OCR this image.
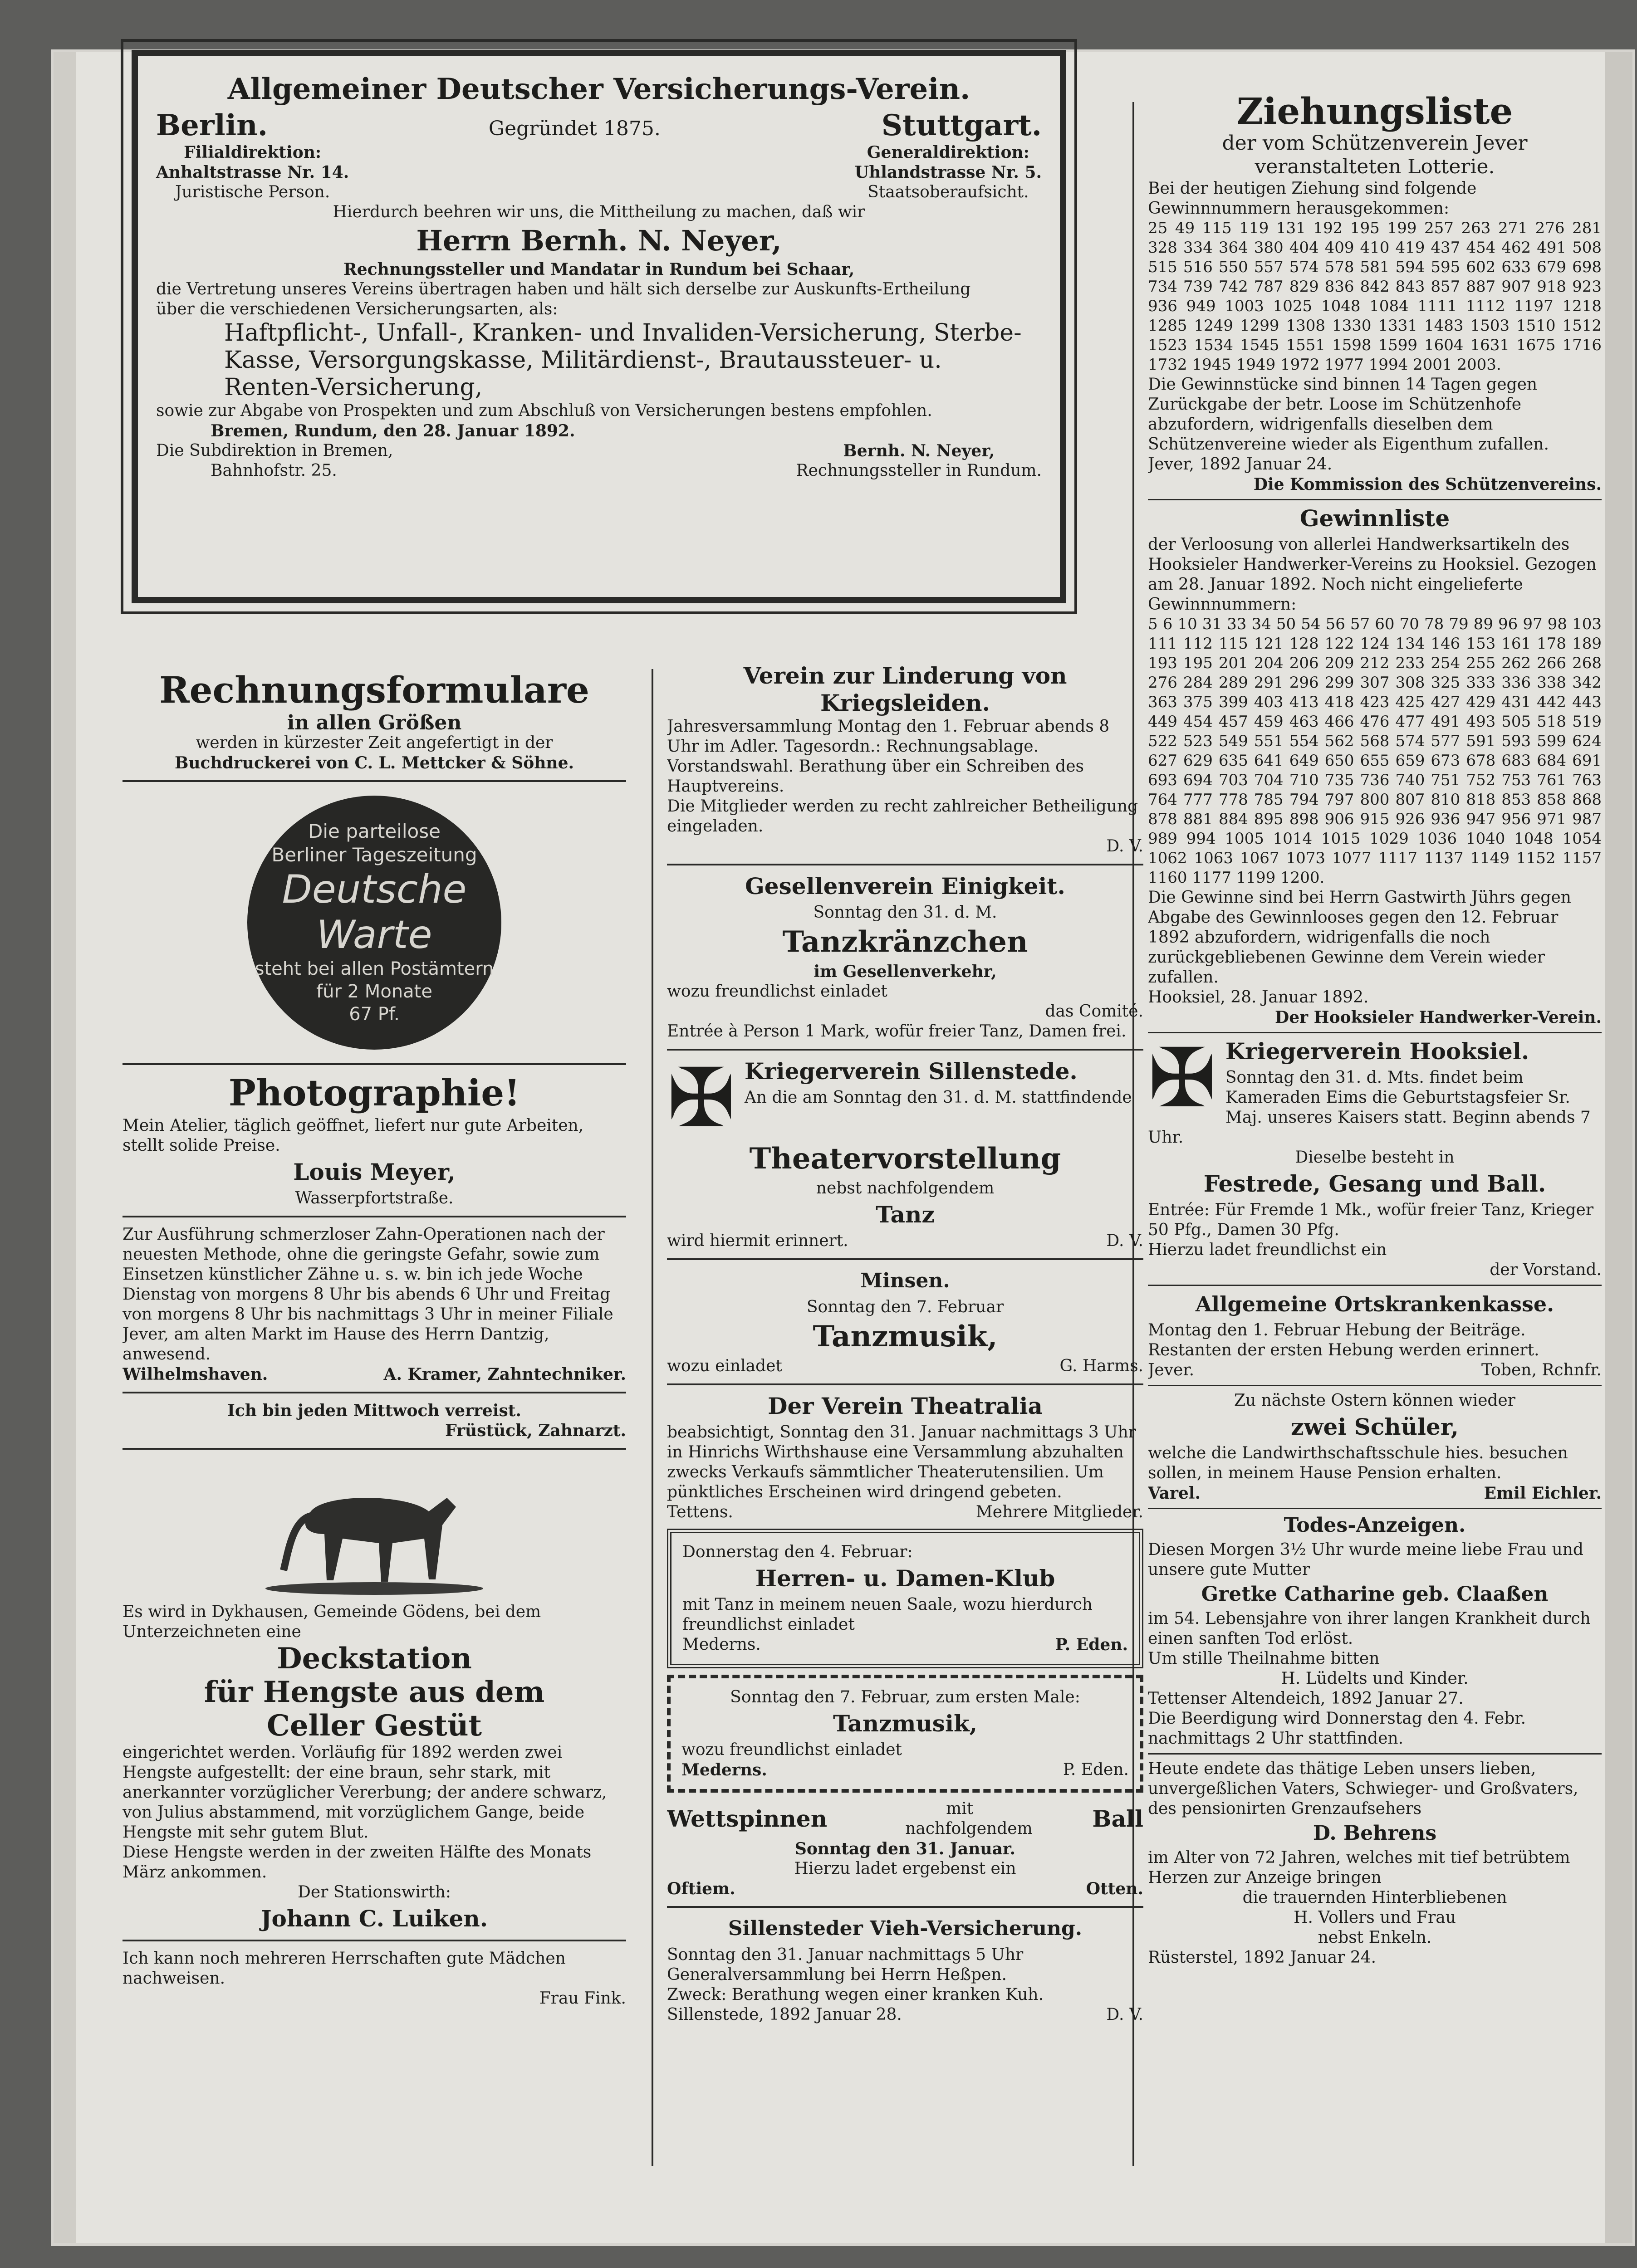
Allgemeiner Deutscher Versicherungs-Verein.

Berlin.	Gegründet 1875.	Stuttgart.

Filialdirektion:

Anhaltstrasse Nr. 14.

Juristische Person.

Generaldirektion:

Uhlandstrasse Nr. 5.

Staatsoberaufsicht.

Hierdurch beehren wir uns, die Mittheilung zu machen, daß wir

Herrn Bernh. N. Neyer,

Rechnungssteller und Mandatar in Rundum bei Schaar,

die Vertretung unseres Vereins übertragen haben und hält sich derselbe zur Auskunfts-Ertheilung

über die verschiedenen Versicherungsarten, als:

Haftpflicht-, Unfall-, Kranken- und Invaliden-Versicherung, Sterbe-Kasse, Versorgungskasse, Militärdienst-, Brautaussteuer- u. Renten-Versicherung,

sowie zur Abgabe von Prospekten und zum Abschluß von Versicherungen bestens empfohlen.

Bremen, Rundum, den 28. Januar 1892.

Die Subdirektion in Bremen,

Bahnhofstr. 25.

Bernh. N. Neyer,

Rechnungssteller in Rundum.

Rechnungsformulare

in allen Größen

werden in kürzester Zeit angefertigt in der

Buchdruckerei von C. L. Mettcker & Söhne.

Die parteilose
Berliner Tageszeitung
Deutsche Warte
steht bei allen Postämtern
für 2 Monate
67 Pf.

Photographie!

Mein Atelier, täglich geöffnet, liefert nur gute Arbeiten, stellt solide Preise.

Louis Meyer,

Wasserpfortstraße.

Zur Ausführung schmerzloser Zahn-Operationen nach der neuesten Methode, ohne die geringste Gefahr, sowie zum Einsetzen künstlicher Zähne u. s. w. bin ich jede Woche Dienstag von morgens 8 Uhr bis abends 6 Uhr und Freitag von morgens 8 Uhr bis nachmittags 3 Uhr in meiner Filiale Jever, am alten Markt im Hause des Herrn Dantzig, anwesend.

Wilhelmshaven.	A. Kramer, Zahntechniker.

Ich bin jeden Mittwoch verreist.

Früstück, Zahnarzt.

Es wird in Dykhausen, Gemeinde Gödens, bei dem Unterzeichneten eine

Deckstation

für Hengste aus dem

Celler Gestüt

eingerichtet werden. Vorläufig für 1892 werden zwei Hengste aufgestellt: der eine braun, sehr stark, mit anerkannter vorzüglicher Vererbung; der andere schwarz, von Julius abstammend, mit vorzüglichem Gange, beide Hengste mit sehr gutem Blut.

Diese Hengste werden in der zweiten Hälfte des Monats März ankommen.

Der Stationswirth:

Johann C. Luiken.

Ich kann noch mehreren Herrschaften gute Mädchen nachweisen.

Frau Fink.

Verein zur Linderung von

Kriegsleiden.

Jahresversammlung Montag den 1. Februar abends 8 Uhr im Adler. Tagesordn.: Rechnungsablage. Vorstandswahl. Berathung über ein Schreiben des Hauptvereins.

Die Mitglieder werden zu recht zahlreicher Betheiligung eingeladen.

D. V.

Gesellenverein Einigkeit.

Sonntag den 31. d. M.

Tanzkränzchen

im Gesellenverkehr,

wozu freundlichst einladet

das Comité.

Entrée à Person 1 Mark, wofür freier Tanz, Damen frei.

✠ Kriegerverein Sillenstede.

An die am Sonntag den 31. d. M. stattfindende

Theatervorstellung

nebst nachfolgendem

Tanz

wird hiermit erinnert.	D. V.

Minsen.

Sonntag den 7. Februar

Tanzmusik,

wozu einladet	G. Harms.

Der Verein Theatralia

beabsichtigt, Sonntag den 31. Januar nachmittags 3 Uhr in Hinrichs Wirthshause eine Versammlung abzuhalten zwecks Verkaufs sämmtlicher Theaterutensilien. Um pünktliches Erscheinen wird dringend gebeten.

Tettens.	Mehrere Mitglieder.

Donnerstag den 4. Februar:

Herren- u. Damen-Klub

mit Tanz in meinem neuen Saale, wozu hierdurch freundlichst einladet

Mederns.	P. Eden.

Sonntag den 7. Februar, zum ersten Male:

Tanzmusik,

wozu freundlichst einladet

Mederns.	P. Eden.

Wettspinnen	mit nachfolgendem	Ball

Sonntag den 31. Januar.

Hierzu ladet ergebenst ein

Oftiem.	Otten.

Sillensteder Vieh-Versicherung.

Sonntag den 31. Januar nachmittags 5 Uhr Generalversammlung bei Herrn Heßpen.

Zweck: Berathung wegen einer kranken Kuh.

Sillenstede, 1892 Januar 28.	D. V.

Ziehungsliste

der vom Schützenverein Jever

veranstalteten Lotterie.

Bei der heutigen Ziehung sind folgende Gewinnnummern herausgekommen:

25 49 115 119 131 192 195 199 257 263 271 276 281 328 334 364 380 404 409 410 419 437 454 462 491 508 515 516 550 557 574 578 581 594 595 602 633 679 698 734 739 742 787 829 836 842 843 857 887 907 918 923 936 949 1003 1025 1048 1084 1111 1112 1197 1218 1285 1249 1299 1308 1330 1331 1483 1503 1510 1512 1523 1534 1545 1551 1598 1599 1604 1631 1675 1716 1732 1945 1949 1972 1977 1994 2001 2003.

Die Gewinnstücke sind binnen 14 Tagen gegen Zurückgabe der betr. Loose im Schützenhofe abzufordern, widrigenfalls dieselben dem Schützenvereine wieder als Eigenthum zufallen.

Jever, 1892 Januar 24.

Die Kommission des Schützenvereins.

Gewinnliste

der Verloosung von allerlei Handwerksartikeln des Hooksieler Handwerker-Vereins zu Hooksiel. Gezogen am 28. Januar 1892. Noch nicht eingelieferte Gewinnnummern:

5 6 10 31 33 34 50 54 56 57 60 70 78 79 89 96 97 98 103 111 112 115 121 128 122 124 134 146 153 161 178 189 193 195 201 204 206 209 212 233 254 255 262 266 268 276 284 289 291 296 299 307 308 325 333 336 338 342 363 375 399 403 413 418 423 425 427 429 431 442 443 449 454 457 459 463 466 476 477 491 493 505 518 519 522 523 549 551 554 562 568 574 577 591 593 599 624 627 629 635 641 649 650 655 659 673 678 683 684 691 693 694 703 704 710 735 736 740 751 752 753 761 763 764 777 778 785 794 797 800 807 810 818 853 858 868 878 881 884 895 898 906 915 926 936 947 956 971 987 989 994 1005 1014 1015 1029 1036 1040 1048 1054 1062 1063 1067 1073 1077 1117 1137 1149 1152 1157 1160 1177 1199 1200.

Die Gewinne sind bei Herrn Gastwirth Jührs gegen Abgabe des Gewinnlooses gegen den 12. Februar 1892 abzufordern, widrigenfalls die noch zurückgebliebenen Gewinne dem Verein wieder zufallen.

Hooksiel, 28. Januar 1892.

Der Hooksieler Handwerker-Verein.

✠ Kriegerverein Hooksiel.

Sonntag den 31. d. Mts. findet beim Kameraden Eims die Geburtstagsfeier Sr. Maj. unseres Kaisers statt. Beginn abends 7 Uhr.

Dieselbe besteht in

Festrede, Gesang und Ball.

Entrée: Für Fremde 1 Mk., wofür freier Tanz, Krieger 50 Pfg., Damen 30 Pfg.

Hierzu ladet freundlichst ein

der Vorstand.

Allgemeine Ortskrankenkasse.

Montag den 1. Februar Hebung der Beiträge. Restanten der ersten Hebung werden erinnert.

Jever.	Toben, Rchnfr.

Zu nächste Ostern können wieder

zwei Schüler,

welche die Landwirthschaftsschule hies. besuchen sollen, in meinem Hause Pension erhalten.

Varel.	Emil Eichler.

Todes-Anzeigen.

Diesen Morgen 3½ Uhr wurde meine liebe Frau und unsere gute Mutter

Gretke Catharine geb. Claaßen

im 54. Lebensjahre von ihrer langen Krankheit durch einen sanften Tod erlöst.

Um stille Theilnahme bitten

H. Lüdelts und Kinder.

Tettenser Altendeich, 1892 Januar 27.

Die Beerdigung wird Donnerstag den 4. Febr. nachmittags 2 Uhr stattfinden.

Heute endete das thätige Leben unsers lieben, unvergeßlichen Vaters, Schwieger- und Großvaters, des pensionirten Grenzaufsehers

D. Behrens

im Alter von 72 Jahren, welches mit tief betrübtem Herzen zur Anzeige bringen

die trauernden Hinterbliebenen

H. Vollers und Frau

nebst Enkeln.

Rüsterstel, 1892 Januar 24.
